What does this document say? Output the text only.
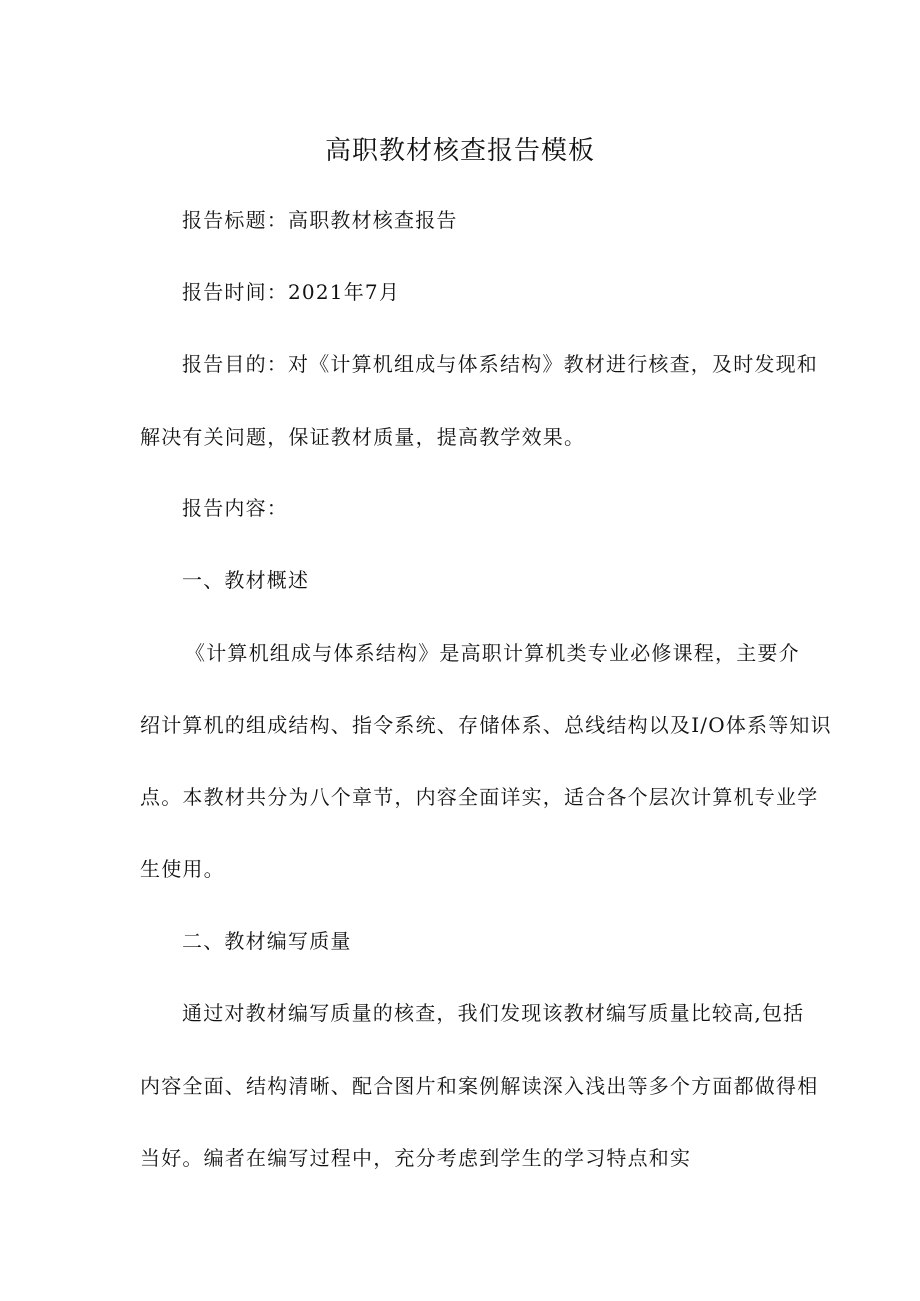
高职教材核查报告模板

报告标题：高职教材核查报告

报告时间：2021年7月

报告目的：对《计算机组成与体系结构》教材进行核查，及时发现和

解决有关问题，保证教材质量，提高教学效果。

报告内容：

一、教材概述

《计算机组成与体系结构》是高职计算机类专业必修课程，主要介

绍计算机的组成结构、指令系统、存储体系、总线结构以及I/O体系等知识

点。本教材共分为八个章节，内容全面详实，适合各个层次计算机专业学

生使用。

二、教材编写质量

通过对教材编写质量的核查，我们发现该教材编写质量比较高,包括

内容全面、结构清晰、配合图片和案例解读深入浅出等多个方面都做得相

当好。编者在编写过程中，充分考虑到学生的学习特点和实
